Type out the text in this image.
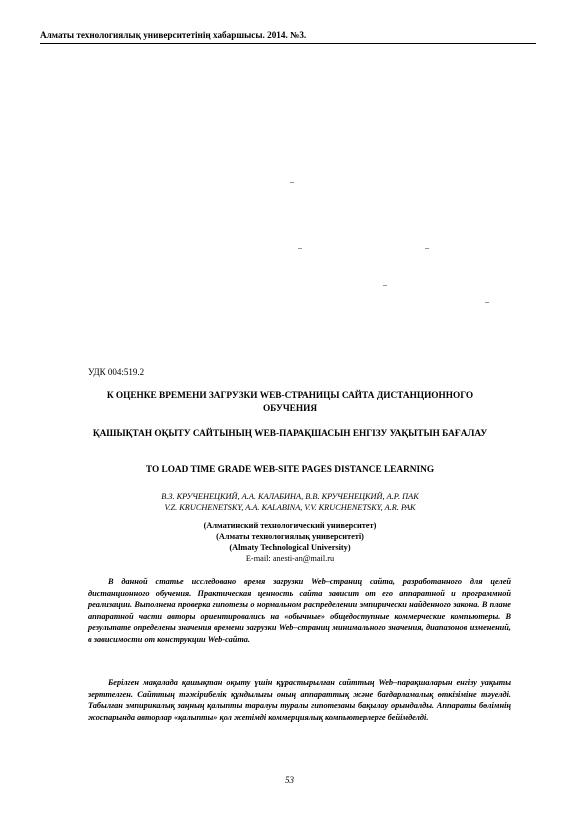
Алматы технологиялық университетінің хабаршысы. 2014. №3.
–
–	–
–
–
УДК 004:519.2
К ОЦЕНКЕ ВРЕМЕНИ ЗАГРУЗКИ WEB-СТРАНИЦЫ САЙТА ДИСТАНЦИОННОГО ОБУЧЕНИЯ
ҚАШЫҚТАН ОҚЫТУ САЙТЫНЫҢ WEB-ПАРАҚШАСЫН ЕНГІЗУ УАҚЫТЫН БАҒАЛАУ
TO LOAD TIME GRADE WEB-SITE PAGES DISTANCE LEARNING
В.З. КРУЧЕНЕЦКИЙ, А.А. КАЛАБИНА, В.В. КРУЧЕНЕЦКИЙ, А.Р. ПАК
V.Z. KRUCHENETSKY, A.A. KALABINA, V.V. KRUCHENETSKY, A.R. PAK
(Алматинский технологический университет)
(Алматы технологиялық университеті)
(Almaty Technological University)
E-mail: anesti-an@mail.ru

В данной статье исследовано время загрузки Web–страниц сайта, разработанного для целей дистанционного обучения. Практическая ценность сайта зависит от его аппаратной и программной реализации. Выполнена проверка гипотезы о нормальном распределении эмпирически найденного закона. В плане аппаратной части авторы ориентировались на «обычные» общедоступные коммерческие компьютеры. В результате определены значения времени загрузки Web–страниц минимального значения, диапазонов изменений, в зависимости от конструкции Web-сайта.

Берілген мақалада қашықтан оқыту үшін құрастырылған сайттың Web–парақшаларын енгізу уақыты зерттелген. Сайттың тәжірибелік құндылығы оның аппараттық және бағдарламалық өткізіміне тәуелді. Табылған эмпирикалық заңның қалыпты таралуы туралы гипотезаны бақылау орындалды. Аппараты бөлімнің жоспарында авторлар «қалыпты» қол жетімді коммерциялық компьютерлерге бейімделді.

53
